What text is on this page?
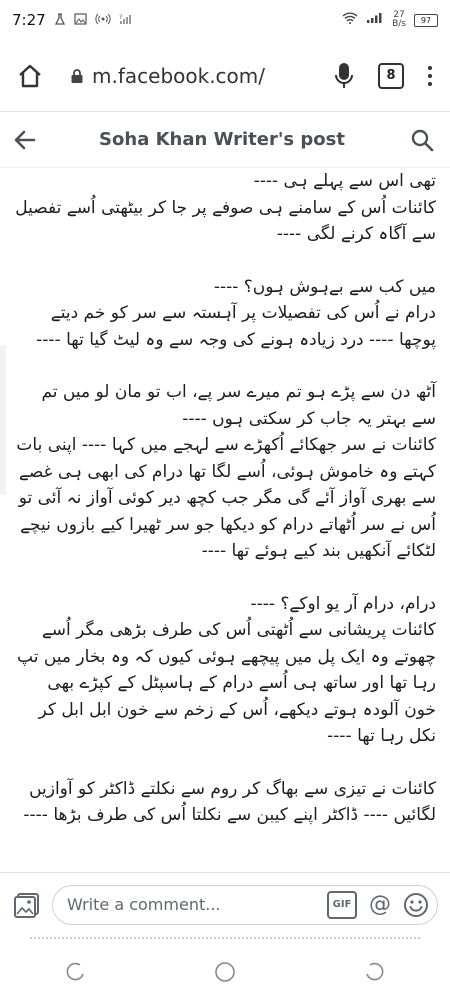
7:27	?	27
B/s 97
m.facebook.com/	8
Soha Khan Writer's post

تھی اس سے پہلے ہی ----

کائنات اُس کے سامنے ہی صوفے پر جا کر بیٹھتی اُسے تفصیل سے آگاہ کرنے لگی ----

میں کب سے بےہوش ہوں؟ ----

درام نے اُس کی تفصیلات پر آہستہ سے سر کو خم دیتے پوچھا ---- درد زیادہ ہونے کی وجہ سے وہ لیٹ گیا تھا ----

آٹھ دن سے پڑے ہو تم میرے سر پے، اب تو مان لو میں تم سے بہتر یہ جاب کر سکتی ہوں ----

کائنات نے سر جھکائے اُکھڑے سے لہجے میں کہا ---- اپنی بات کہتے وہ خاموش ہوئی، اُسے لگا تھا درام کی ابھی ہی غصے سے بھری آواز آئے گی مگر جب کچھ دیر کوئی آواز نہ آئی تو اُس نے سر اُٹھاتے درام کو دیکھا جو سر ٹھیرا کیے بازوں نیچے لٹکائے آنکھیں بند کیے ہوئے تھا ----

درام، درام آر یو اوکے؟ ----

کائنات پریشانی سے اُٹھتی اُس کی طرف بڑھی مگر اُسے چھوتے وہ ایک پل میں پیچھے ہوئی کیوں کہ وہ بخار میں تپ رہا تھا اور ساتھ ہی اُسے درام کے ہاسپٹل کے کپڑے بھی خون آلودہ ہوتے دیکھے، اُس کے زخم سے خون ابل ابل کر نکل رہا تھا ----

کائنات نے تیزی سے بھاگ کر روم سے نکلتے ڈاکٹر کو آوازیں لگائیں ---- ڈاکٹر اپنے کیبن سے نکلتا اُس کی طرف بڑھا ----

Write a comment...	GIF @
